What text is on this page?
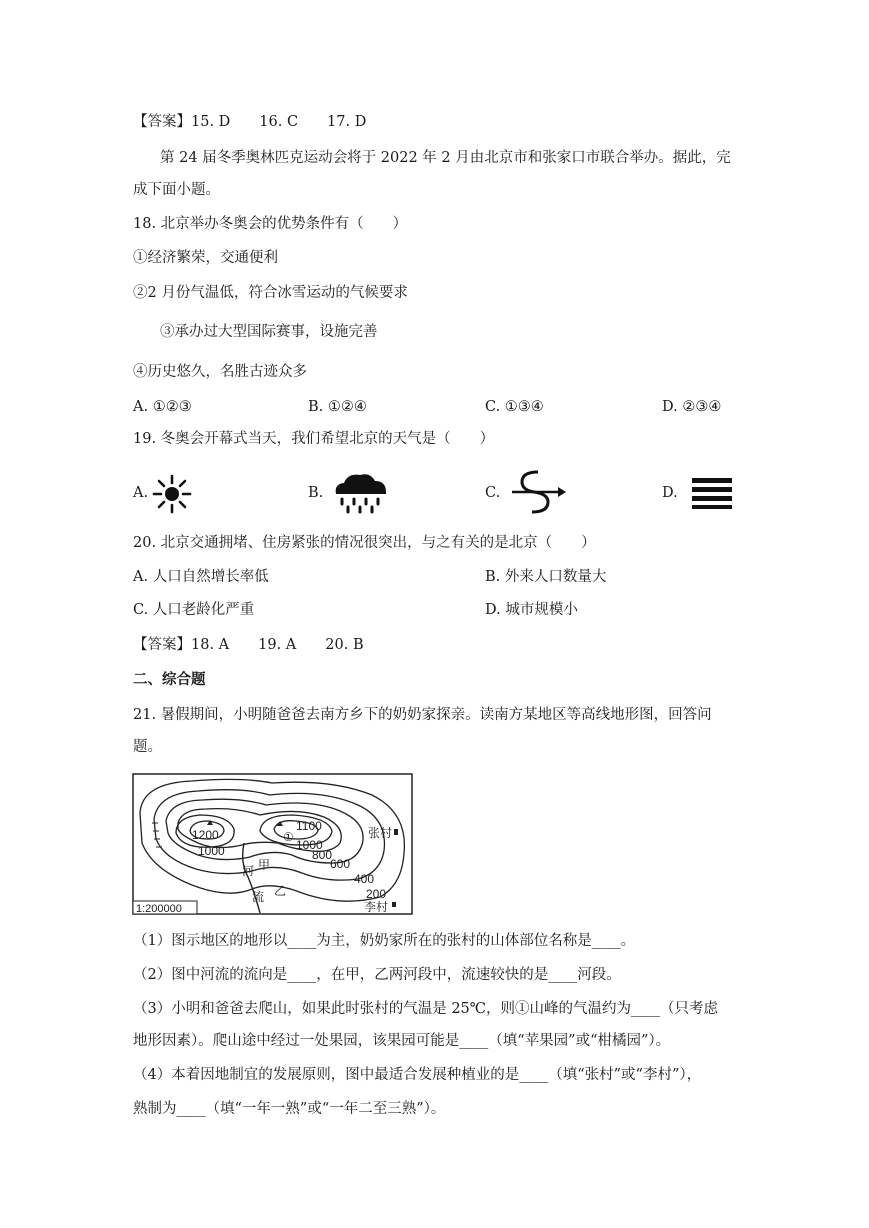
【答案】15. D　　16. C　　17. D
第 24 届冬季奥林匹克运动会将于 2022 年 2 月由北京市和张家口市联合举办。据此，完
成下面小题。
18. 北京举办冬奥会的优势条件有（　　）
①经济繁荣，交通便利
②2 月份气温低，符合冰雪运动的气候要求
③承办过大型国际赛事，设施完善
④历史悠久，名胜古迹众多
A. ①②③	B. ①②④	C. ①③④	D. ②③④
19. 冬奥会开幕式当天，我们希望北京的天气是（　　）
A.	B.	C.	D.
20. 北京交通拥堵、住房紧张的情况很突出，与之有关的是北京（　　）
A. 人口自然增长率低	B. 外来人口数量大
C. 人口老龄化严重	D. 城市规模小
【答案】18. A　　19. A　　20. B
二、综合题
21. 暑假期间，小明随爸爸去南方乡下的奶奶家探亲。读南方某地区等高线地形图，回答问
题。
1200
1000
①
1100
1000
800
600
400
200
河 甲
流 乙
张村
李村
1:200000
（1）图示地区的地形以____为主，奶奶家所在的张村的山体部位名称是____。
（2）图中河流的流向是____，在甲，乙两河段中，流速较快的是____河段。
（3）小明和爸爸去爬山，如果此时张村的气温是 25℃，则①山峰的气温约为____（只考虑
地形因素）。爬山途中经过一处果园，该果园可能是____（填“苹果园”或“柑橘园”）。
（4）本着因地制宜的发展原则，图中最适合发展种植业的是____（填“张村”或“李村”），
熟制为____（填“一年一熟”或“一年二至三熟”）。
